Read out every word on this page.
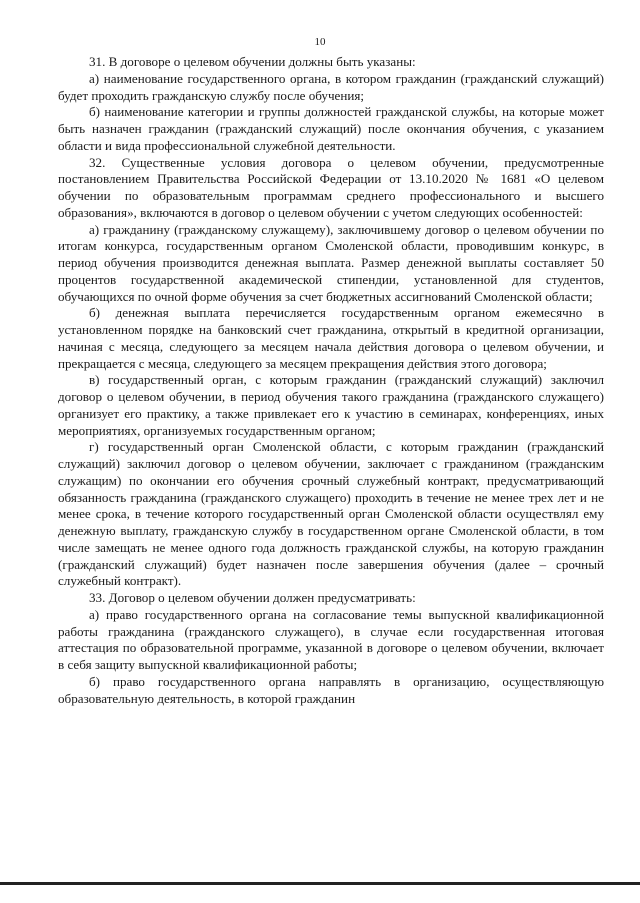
10

31. В договоре о целевом обучении должны быть указаны:

а) наименование государственного органа, в котором гражданин (гражданский служащий) будет проходить гражданскую службу после обучения;

б) наименование категории и группы должностей гражданской службы, на которые может быть назначен гражданин (гражданский служащий) после окончания обучения, с указанием области и вида профессиональной служебной деятельности.

32. Существенные условия договора о целевом обучении, предусмотренные постановлением Правительства Российской Федерации от 13.10.2020 № 1681 «О целевом обучении по образовательным программам среднего профессионального и высшего образования», включаются в договор о целевом обучении с учетом следующих особенностей:

а) гражданину (гражданскому служащему), заключившему договор о целевом обучении по итогам конкурса, государственным органом Смоленской области, проводившим конкурс, в период обучения производится денежная выплата. Размер денежной выплаты составляет 50 процентов государственной академической стипендии, установленной для студентов, обучающихся по очной форме обучения за счет бюджетных ассигнований Смоленской области;

б) денежная выплата перечисляется государственным органом ежемесячно в установленном порядке на банковский счет гражданина, открытый в кредитной организации, начиная с месяца, следующего за месяцем начала действия договора о целевом обучении, и прекращается с месяца, следующего за месяцем прекращения действия этого договора;

в) государственный орган, с которым гражданин (гражданский служащий) заключил договор о целевом обучении, в период обучения такого гражданина (гражданского служащего) организует его практику, а также привлекает его к участию в семинарах, конференциях, иных мероприятиях, организуемых государственным органом;

г) государственный орган Смоленской области, с которым гражданин (гражданский служащий) заключил договор о целевом обучении, заключает с гражданином (гражданским служащим) по окончании его обучения срочный служебный контракт, предусматривающий обязанность гражданина (гражданского служащего) проходить в течение не менее трех лет и не менее срока, в течение которого государственный орган Смоленской области осуществлял ему денежную выплату, гражданскую службу в государственном органе Смоленской области, в том числе замещать не менее одного года должность гражданской службы, на которую гражданин (гражданский служащий) будет назначен после завершения обучения (далее – срочный служебный контракт).

33. Договор о целевом обучении должен предусматривать:

а) право государственного органа на согласование темы выпускной квалификационной работы гражданина (гражданского служащего), в случае если государственная итоговая аттестация по образовательной программе, указанной в договоре о целевом обучении, включает в себя защиту выпускной квалификационной работы;

б) право государственного органа направлять в организацию, осуществляющую образовательную деятельность, в которой гражданин
